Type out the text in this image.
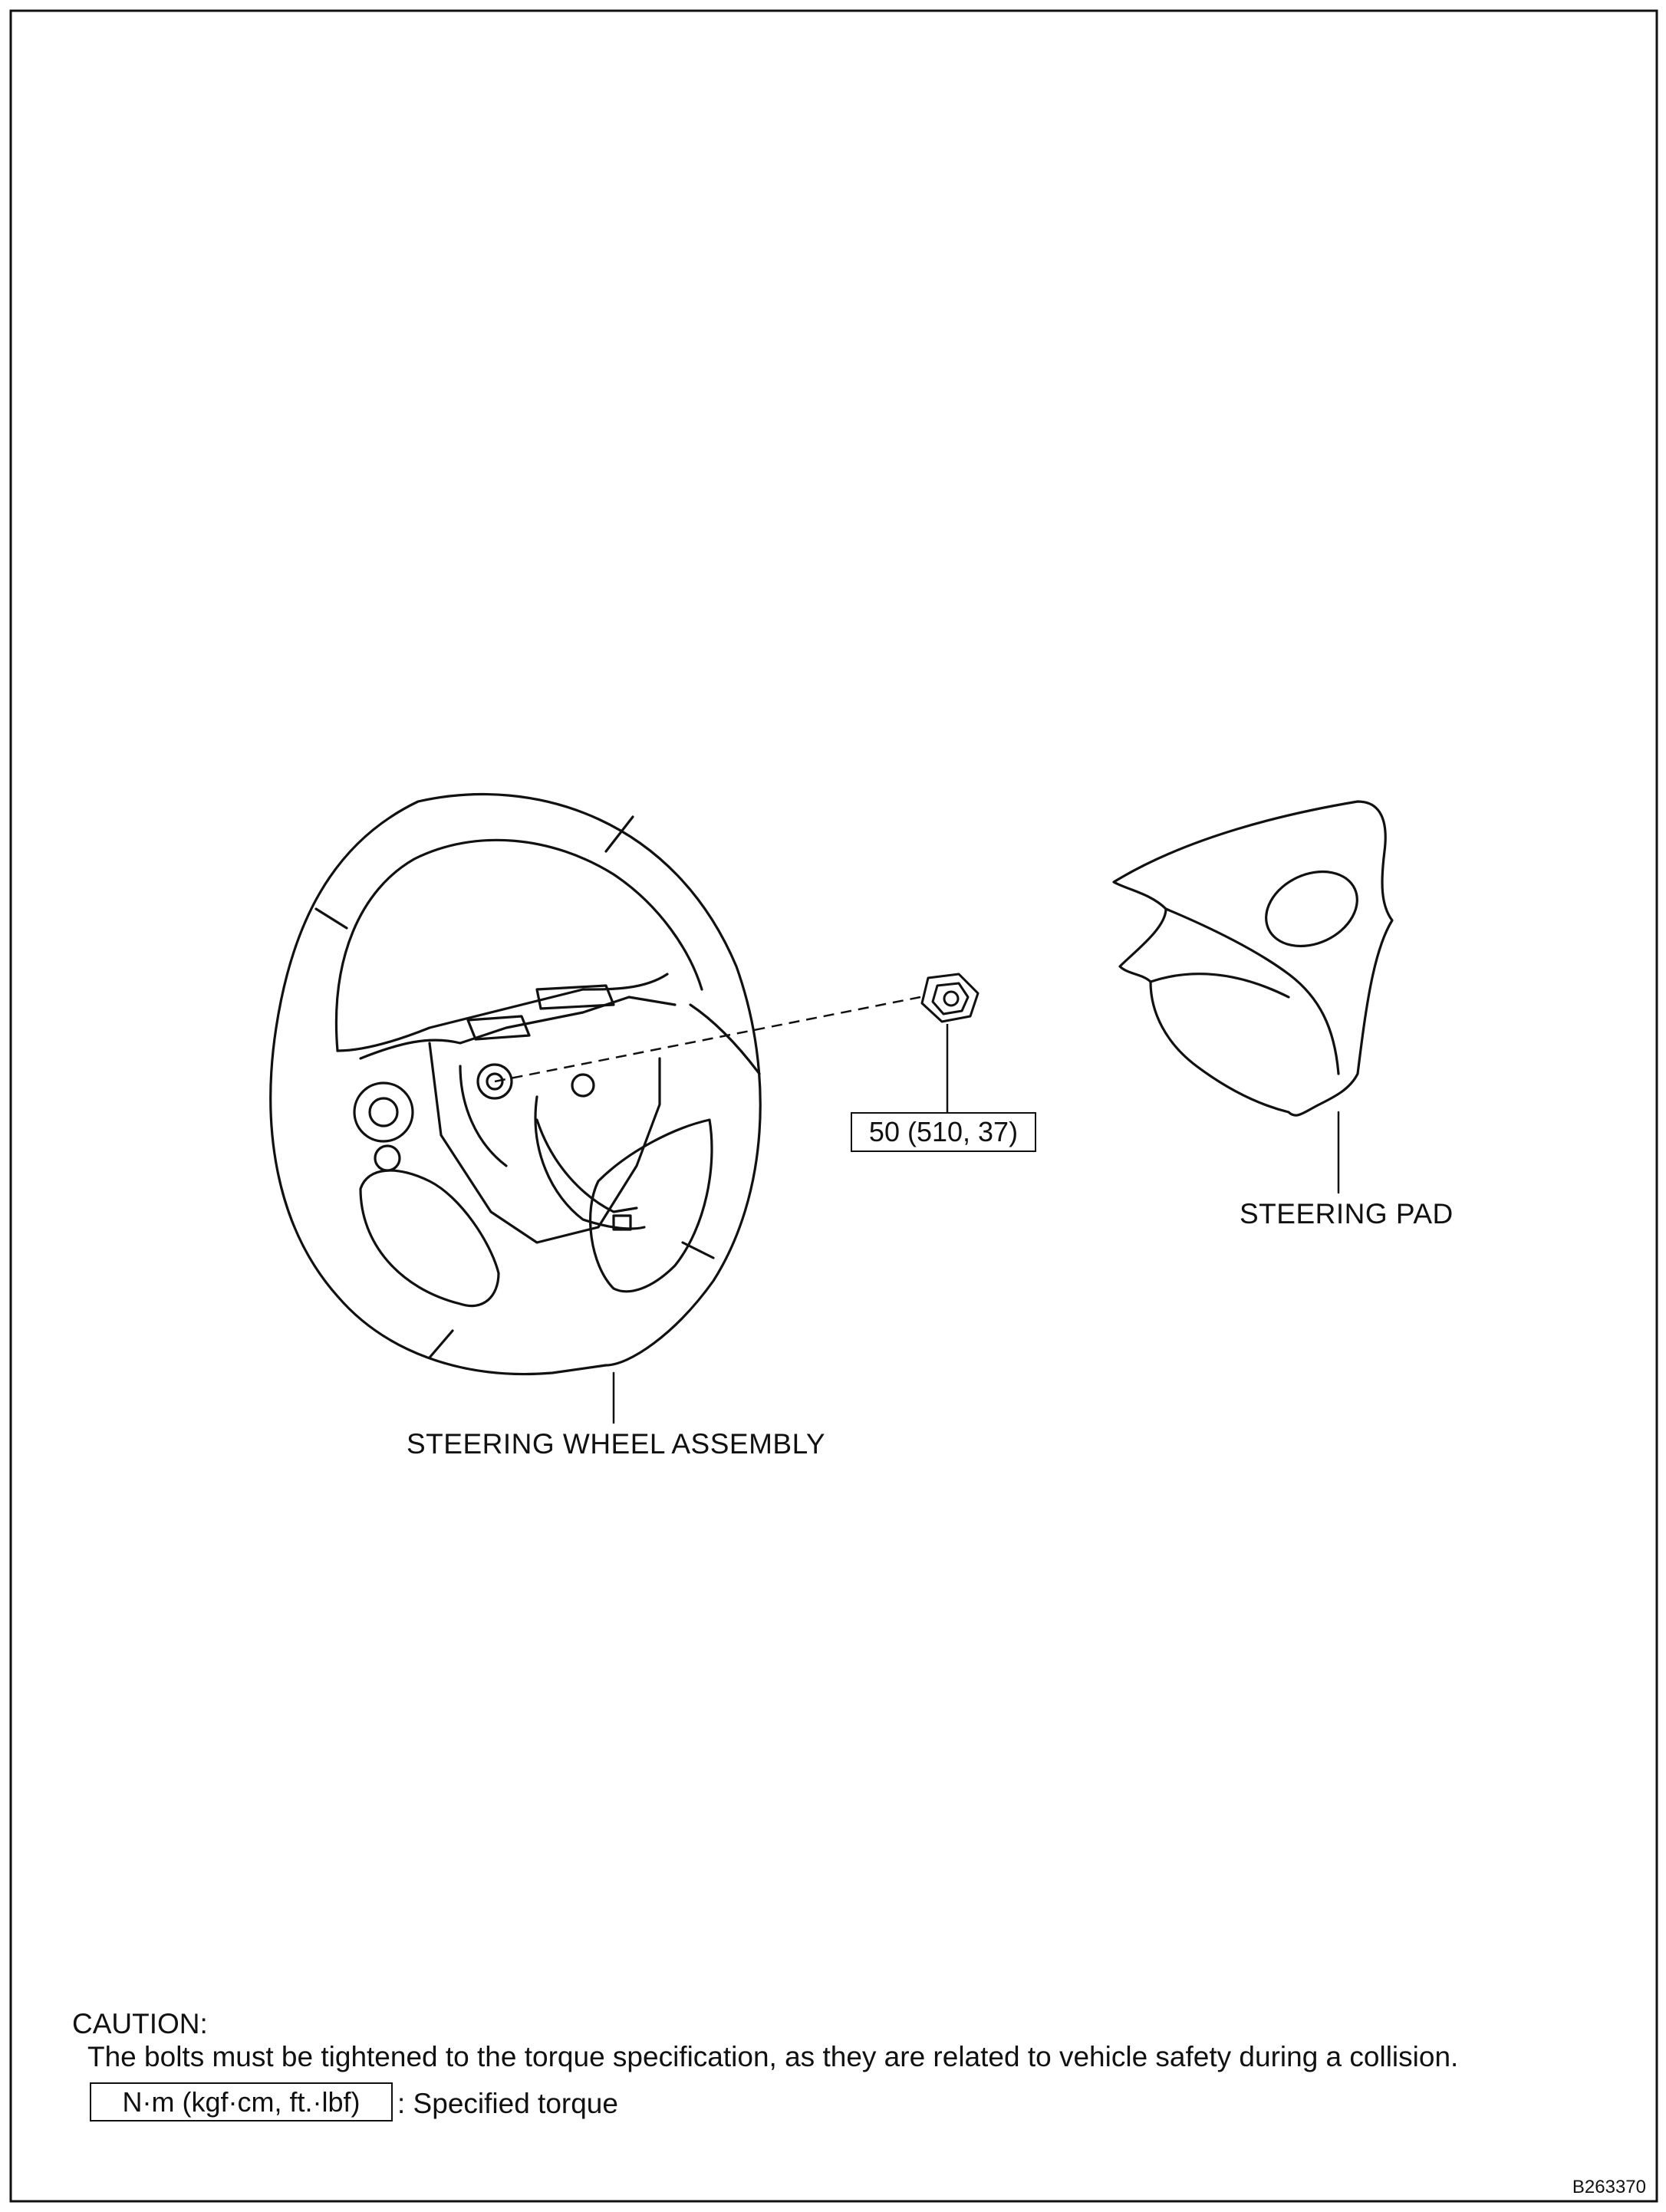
STEERING WHEEL ASSEMBLY
STEERING PAD
50 (510, 37)
CAUTION:
The bolts must be tightened to the torque specification, as they are related to vehicle safety during a collision.
N·m (kgf·cm, ft.·lbf) : Specified torque
B263370
